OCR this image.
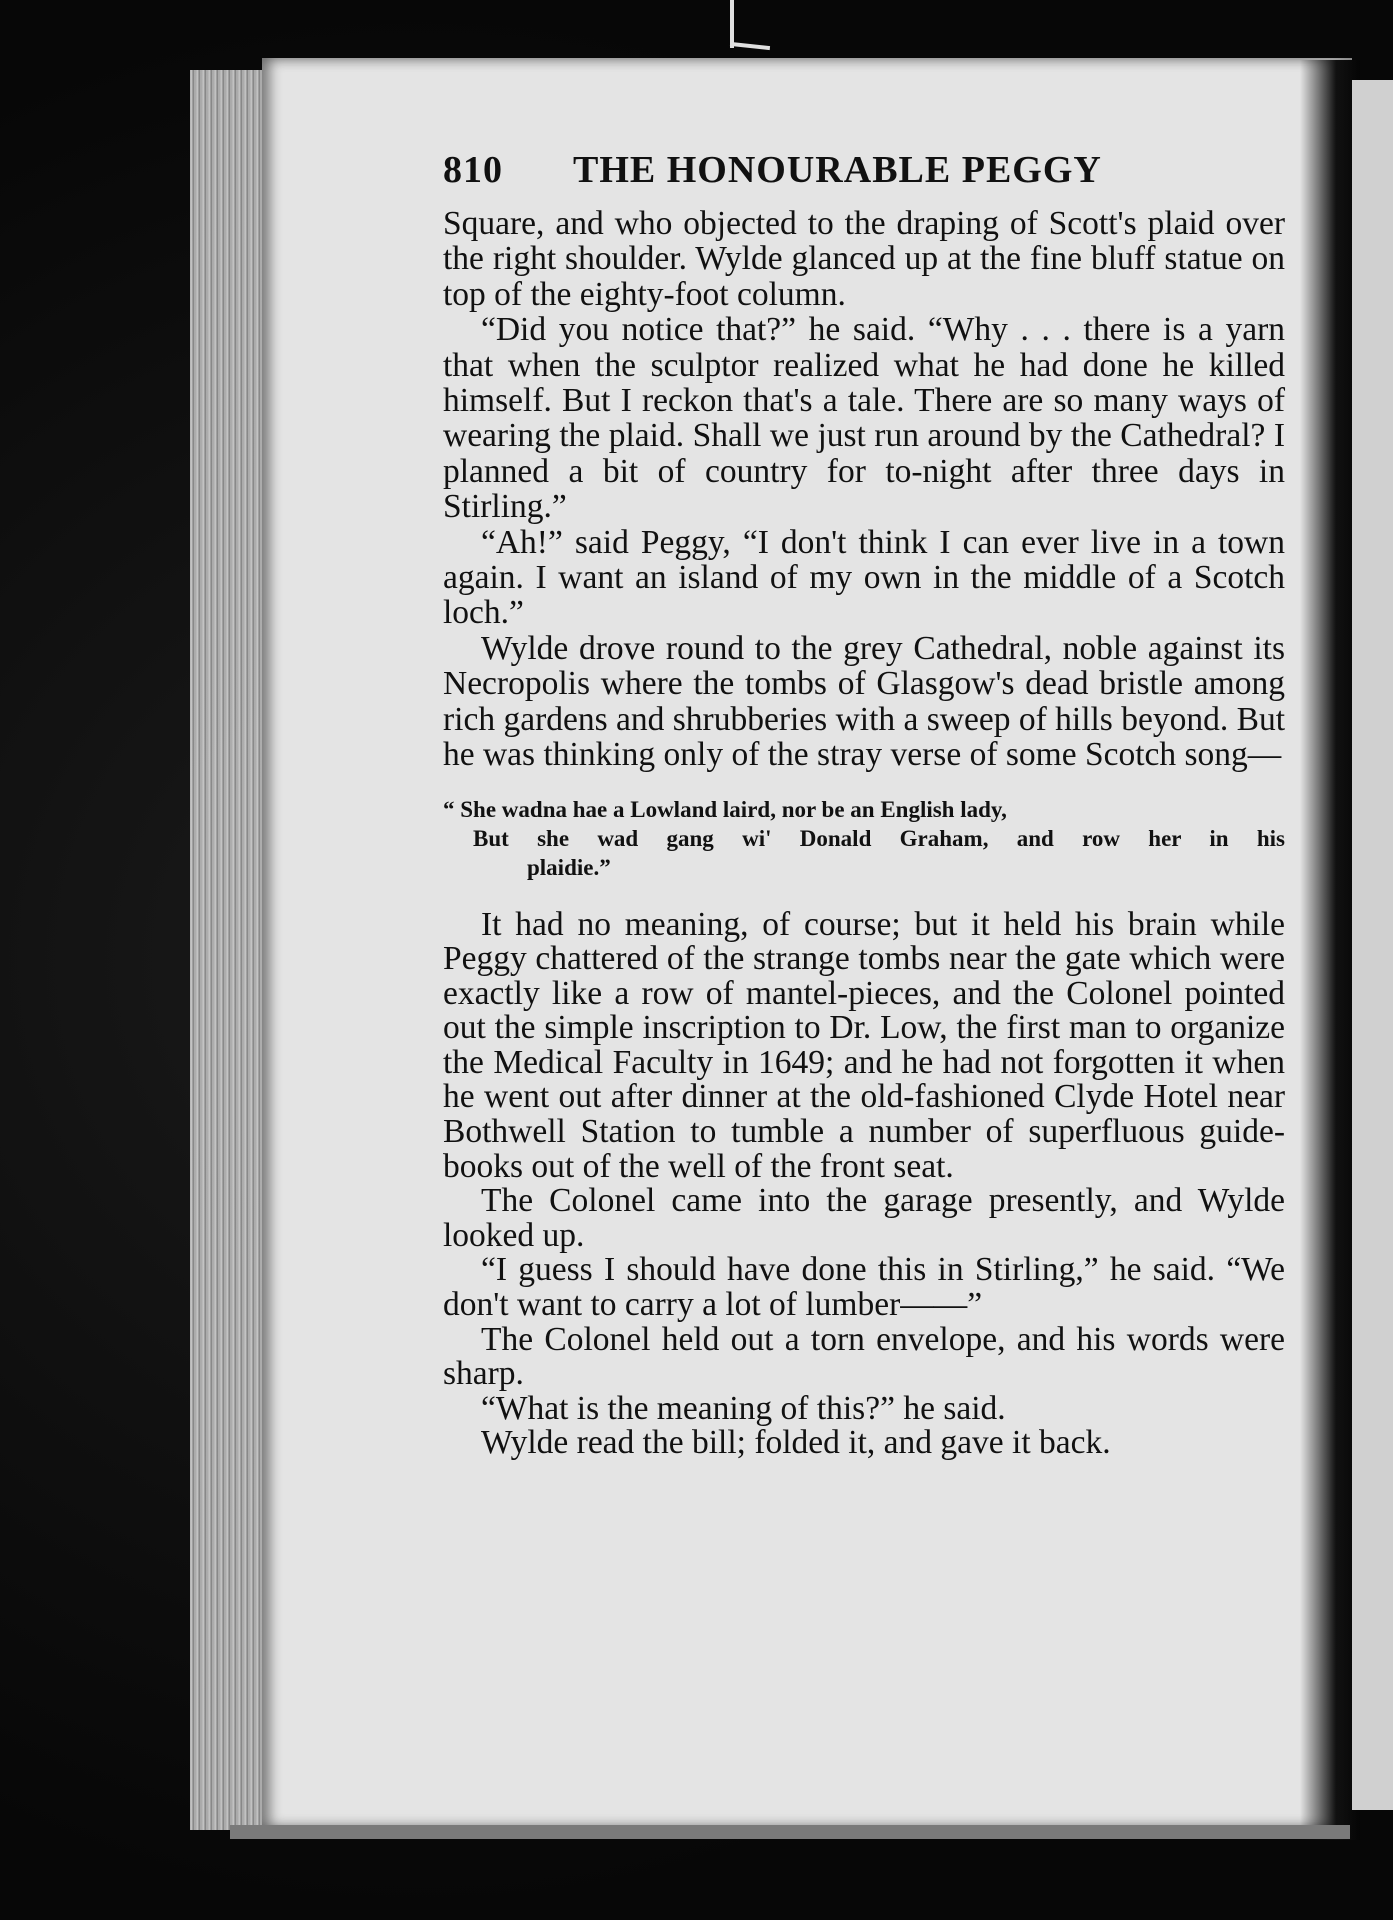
810	THE HONOURABLE PEGGY

Square, and who objected to the draping of Scott's plaid over the right shoulder. Wylde glanced up at the fine bluff statue on top of the eighty-foot column.

“Did you notice that?” he said. “Why . . . there is a yarn that when the sculptor realized what he had done he killed himself. But I reckon that's a tale. There are so many ways of wearing the plaid. Shall we just run around by the Cathedral? I planned a bit of country for to-night after three days in Stirling.”

“Ah!” said Peggy, “I don't think I can ever live in a town again. I want an island of my own in the middle of a Scotch loch.”

Wylde drove round to the grey Cathedral, noble against its Necropolis where the tombs of Glasgow's dead bristle among rich gardens and shrubberies with a sweep of hills beyond. But he was thinking only of the stray verse of some Scotch song—

“ She wadna hae a Lowland laird, nor be an English lady,
But she wad gang wi' Donald Graham, and row her in his
plaidie.”

It had no meaning, of course; but it held his brain while Peggy chattered of the strange tombs near the gate which were exactly like a row of mantel-pieces, and the Colonel pointed out the simple inscription to Dr. Low, the first man to organize the Medical Faculty in 1649; and he had not forgotten it when he went out after dinner at the old-fashioned Clyde Hotel near Bothwell Station to tumble a number of superfluous guide-books out of the well of the front seat.

The Colonel came into the garage presently, and Wylde looked up.

“I guess I should have done this in Stirling,” he said. “We don't want to carry a lot of lumber——”

The Colonel held out a torn envelope, and his words were sharp.

“What is the meaning of this?” he said.

Wylde read the bill; folded it, and gave it back.
